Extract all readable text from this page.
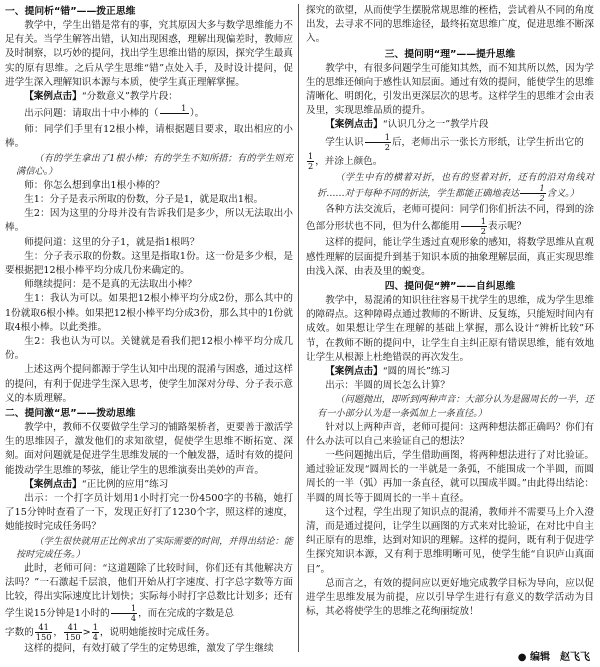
一、提问析“错”——拨正思维

教学中，学生出错是常有的事，究其原因大多与数学思维能力不足有关。当学生解答出错，认知出现困惑，理解出现偏差时，教师应及时制察，以巧妙的提问，找出学生思维出错的原因，探究学生最真实的原有思维。之后从学生思维“错”点处入手，及时设计提问，促进学生深入理解知识本源与本质，使学生真正理解掌握。

【案例点击】“分数意义”教学片段：

出示问题：请取出十中小棒的（	1
  ）。

师：同学们手里有12根小棒，请根据题目要求，取出相应的小棒。

（有的学生拿出了1根小棒；有的学生不知所措；有的学生则充满信心。）

师：你怎么想到拿出1根小棒的？

生1：分子是表示所取的份数，分子是1，就是取出1根。

生2：因为这里的分母并没有告诉我们是多少，所以无法取出小棒。

师提问道：这里的分子1，就是指1根吗？

生：分子表示取的份数。这里是指取1份。这一份是多少根，是要根据把12根小棒平均分成几份来确定的。

师继续提问：是不是真的无法取出小棒？

生1：我认为可以。如果把12根小棒平均分成2份，那么其中的1份就取6根小棒。如果把12根小棒平均分成3份，那么其中的1份就取4根小棒。以此类推。

生2：我也认为可以。关键就是看我们把12根小棒平均分成几份。

上述这两个提问都源于学生认知中出现的混淆与困惑，通过这样的提问，有利于促进学生深入思考，使学生加深对分母、分子表示意义的本质理解。

二、提问激“思”——拨动思维

教学中，教师不仅要做学生学习的铺路架桥者，更要善于激活学生的思维因子，激发他们的求知欲望，促使学生思维不断拓宽、深刻。面对问题就是促进学生思维发展的一个触发器，适时有效的提问能拨动学生思维的琴弦，能让学生的思维演奏出美妙的声音。

【案例点击】“正比例的应用”练习

出示：一个打字员计划用1小时打完一份4500字的书稿，她打了15分钟时查看了一下，发现正好打了1230个字，照这样的速度，她能按时完成任务吗？

（学生很快就用正比例求出了实际需要的时间，并得出结论：能按时完成任务。）

此时，老师可问：“这道题除了比较时间，你们还有其他解决方法吗？”一石激起千层浪，他们开始从打字速度、打字总字数等方面比较，得出实际速度比计划快；实际每小时打字总数比计划多；还有学生说15分钟是1小时的 $\frac{1}{4}$ ，而在完成的字数是总

字数的 $\frac{41}{150}$ ， $\frac{41}{150} > \frac{1}{4}$ ，说明她能按时完成任务。

这样的提问，有效打破了学生的定势思维，激发了学生继续

探究的欲望，从而使学生摆脱常规思维的桎梏，尝试着从不同的角度出发，去寻求不同的思维途径，最终拓宽思维广度，促进思维不断深入。

三、提问明“理”——提升思维

教学中，有很多问题学生可能知其然，而不知其所以然，因为学生的思维还倾向于感性认知层面。通过有效的提问，能使学生的思维清晰化、明朗化，引发出更深层次的思考。这样学生的思维才会由表及里，实现思维品质的提升。

【案例点击】“认识几分之一”教学片段

学生认识 $\frac{1}{2}$ 后，老师出示一张长方形纸，让学生折出它的

$\frac{1}{2}$ ，并涂上颜色。

（学生中有的横着对折，也有的竖着对折，还有的沿对角线对折……对于每种不同的折法，学生都能正确地表达 $\frac{1}{2}$ 含义。）

各种方法交流后，老师可提问：同学们你们折法不同，得到的涂色部分形状也不同，但为什么都能用 $\frac{1}{2}$ 表示呢？

这样的提问，能让学生透过直观形象的感知，将数学思维从直观感性理解的层面提升到基于知识本质的抽象理解层面，真正实现思维由浅入深、由表及里的蜕变。

四、提问促“辨”——自纠思维

教学中，易混淆的知识往往容易干扰学生的思维，成为学生思维的障碍点。这种障碍点通过教师的不断讲、反复练，只能短时间内有成效。如果想让学生在理解的基础上掌握，那么设计“辨析比较”环节，在教师不断的提问中，让学生自主纠正原有错误思维，能有效地让学生从根源上杜绝错误的再次发生。

【案例点击】“圆的周长”练习

出示：半圆的周长怎么计算？

（问题抛出，即听到两种声音：大部分认为是圆周长的一半，还有一小部分认为是一条弧加上一条直径。）

针对以上两种声音，老师可提问：这两种想法都正确吗？你们有什么办法可以自己来验证自己的想法？

一些问题抛出后，学生借助画图，将两种想法进行了对比验证。通过验证发现“圆周长的一半就是一条弧，不能围成一个半圆，而圆周长的一半（弧）再加一条直径，就可以围成半圆。”由此得出结论：半圆的周长等于圆周长的一半＋直径。

这个过程，学生出现了知识点的混淆，教师并不需要马上介入澄清，而是通过提问，让学生以画图的方式来对比验证，在对比中自主纠正原有的思维，达到对知识的理解。这样的提问，既有利于促进学生探究知识本源，又有利于思维明晰可见，使学生能“自识庐山真面目”。

总而言之，有效的提问应以更好地完成教学目标为导向，应以促进学生思维发展为前提，应以引导学生进行有意义的数学活动为目标，其必将使学生的思维之花绚丽绽放！

● 编辑　赵飞飞
